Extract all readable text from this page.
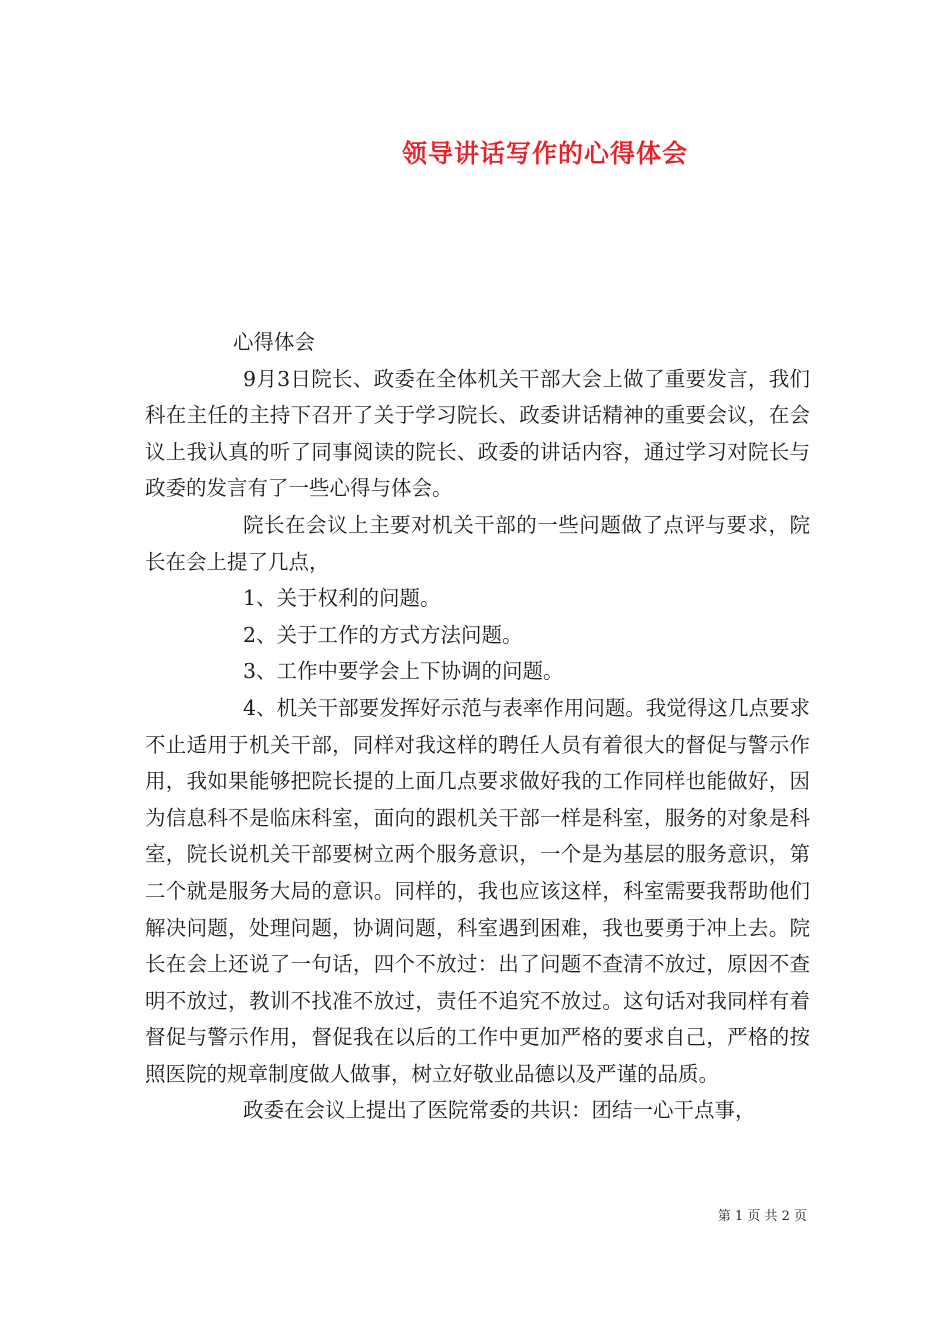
领导讲话写作的心得体会

心得体会

9月3日院长、政委在全体机关干部大会上做了重要发言，我们科在主任的主持下召开了关于学习院长、政委讲话精神的重要会议，在会议上我认真的听了同事阅读的院长、政委的讲话内容，通过学习对院长与政委的发言有了一些心得与体会。

院长在会议上主要对机关干部的一些问题做了点评与要求，院长在会上提了几点，

1、关于权利的问题。

2、关于工作的方式方法问题。

3、工作中要学会上下协调的问题。

4、机关干部要发挥好示范与表率作用问题。我觉得这几点要求不止适用于机关干部，同样对我这样的聘任人员有着很大的督促与警示作用，我如果能够把院长提的上面几点要求做好我的工作同样也能做好，因为信息科不是临床科室，面向的跟机关干部一样是科室，服务的对象是科室，院长说机关干部要树立两个服务意识，一个是为基层的服务意识，第二个就是服务大局的意识。同样的，我也应该这样，科室需要我帮助他们解决问题，处理问题，协调问题，科室遇到困难，我也要勇于冲上去。院长在会上还说了一句话，四个不放过：出了问题不查清不放过，原因不查明不放过，教训不找准不放过，责任不追究不放过。这句话对我同样有着督促与警示作用，督促我在以后的工作中更加严格的要求自己，严格的按照医院的规章制度做人做事，树立好敬业品德以及严谨的品质。

政委在会议上提出了医院常委的共识：团结一心干点事，

第 1 页 共 2 页
